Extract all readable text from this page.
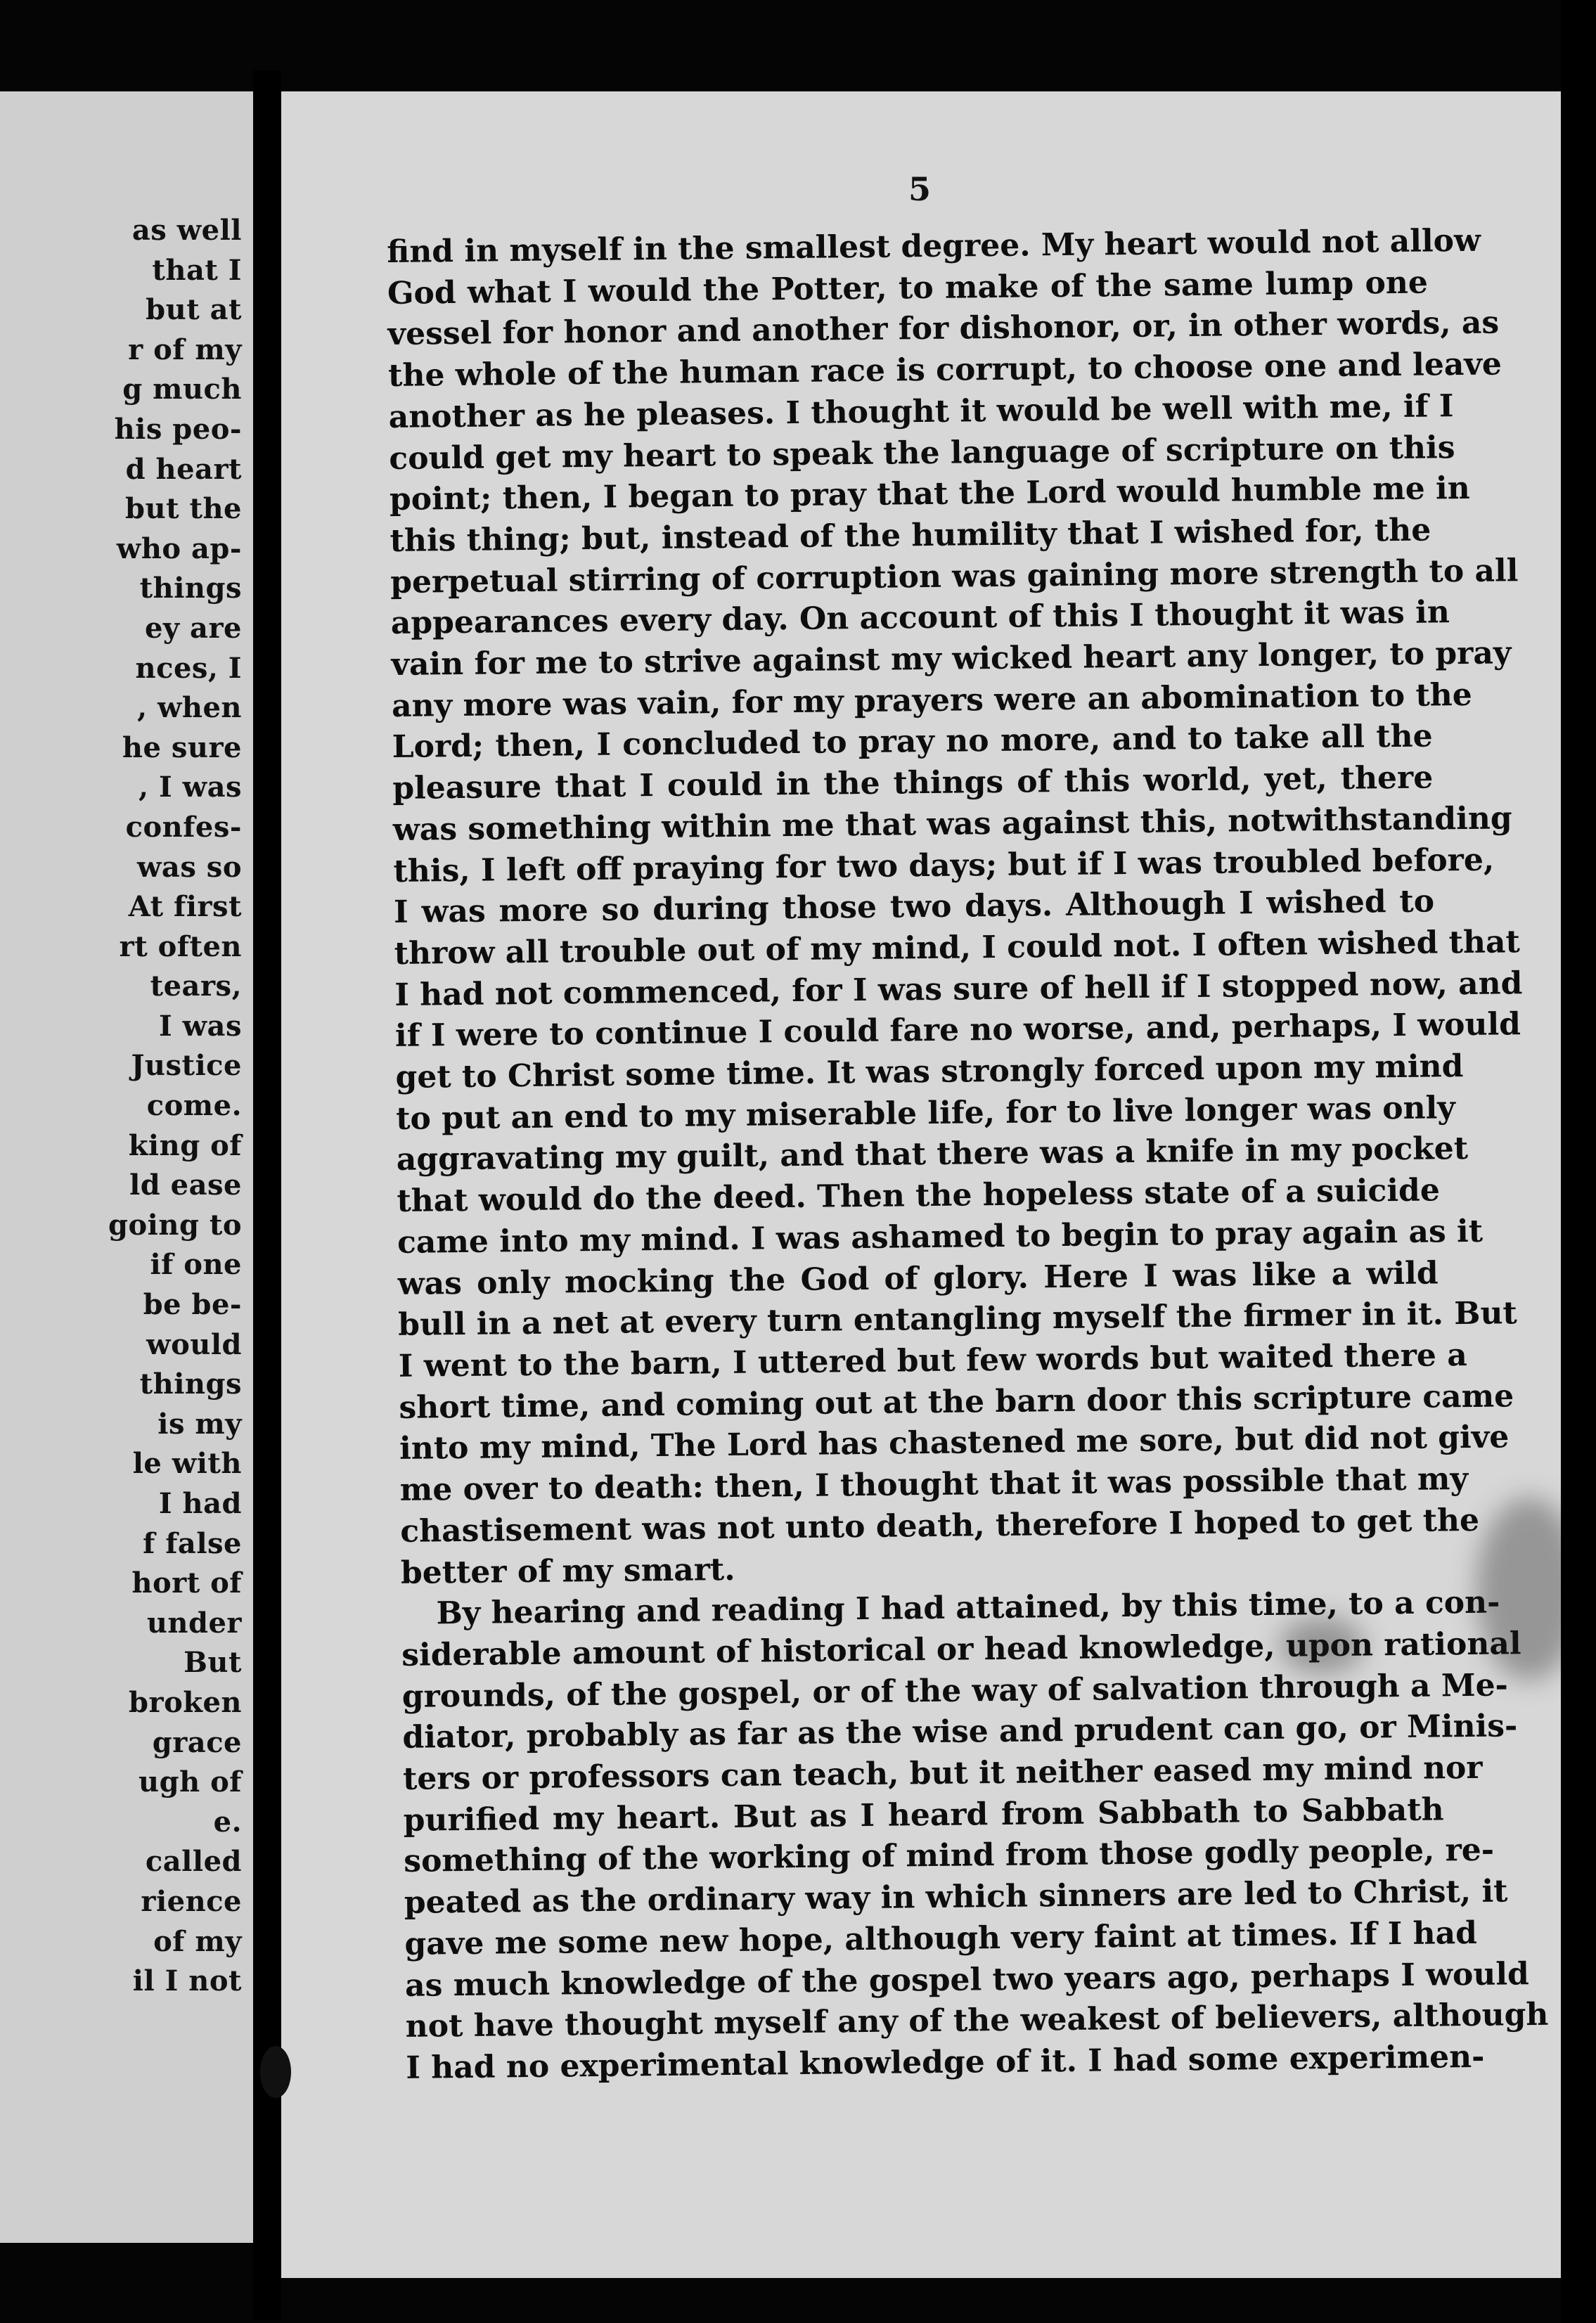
as well
that I
but at
r of my
g much
his peo-
d heart
but the
who ap-
things
ey are
nces, I
, when
he sure
, I was
confes-
was so
At first
rt often
tears,
I was
Justice
come.
king of
ld ease
going to
if one
be be-
would
things
is my
le with
I had
f false
hort of
under
But
broken
grace
ugh of
e.
called
rience
of my
il I not
5
find in myself in the smallest degree. My heart would not allow
God what I would the Potter, to make of the same lump one
vessel for honor and another for dishonor, or, in other words, as
the whole of the human race is corrupt, to choose one and leave
another as he pleases. I thought it would be well with me, if I
could get my heart to speak the language of scripture on this
point; then, I began to pray that the Lord would humble me in
this thing; but, instead of the humility that I wished for, the
perpetual stirring of corruption was gaining more strength to all
appearances every day. On account of this I thought it was in
vain for me to strive against my wicked heart any longer, to pray
any more was vain, for my prayers were an abomination to the
Lord; then, I concluded to pray no more, and to take all the
pleasure that I could in the things of this world, yet, there
was something within me that was against this, notwithstanding
this, I left off praying for two days; but if I was troubled before,
I was more so during those two days. Although I wished to
throw all trouble out of my mind, I could not. I often wished that
I had not commenced, for I was sure of hell if I stopped now, and
if I were to continue I could fare no worse, and, perhaps, I would
get to Christ some time. It was strongly forced upon my mind
to put an end to my miserable life, for to live longer was only
aggravating my guilt, and that there was a knife in my pocket
that would do the deed. Then the hopeless state of a suicide
came into my mind. I was ashamed to begin to pray again as it
was only mocking the God of glory. Here I was like a wild
bull in a net at every turn entangling myself the firmer in it. But
I went to the barn, I uttered but few words but waited there a
short time, and coming out at the barn door this scripture came
into my mind, The Lord has chastened me sore, but did not give
me over to death: then, I thought that it was possible that my
chastisement was not unto death, therefore I hoped to get the
better of my smart.
By hearing and reading I had attained, by this time, to a con-
siderable amount of historical or head knowledge, upon rational
grounds, of the gospel, or of the way of salvation through a Me-
diator, probably as far as the wise and prudent can go, or Minis-
ters or professors can teach, but it neither eased my mind nor
purified my heart. But as I heard from Sabbath to Sabbath
something of the working of mind from those godly people, re-
peated as the ordinary way in which sinners are led to Christ, it
gave me some new hope, although very faint at times. If I had
as much knowledge of the gospel two years ago, perhaps I would
not have thought myself any of the weakest of believers, although
I had no experimental knowledge of it. I had some experimen-
